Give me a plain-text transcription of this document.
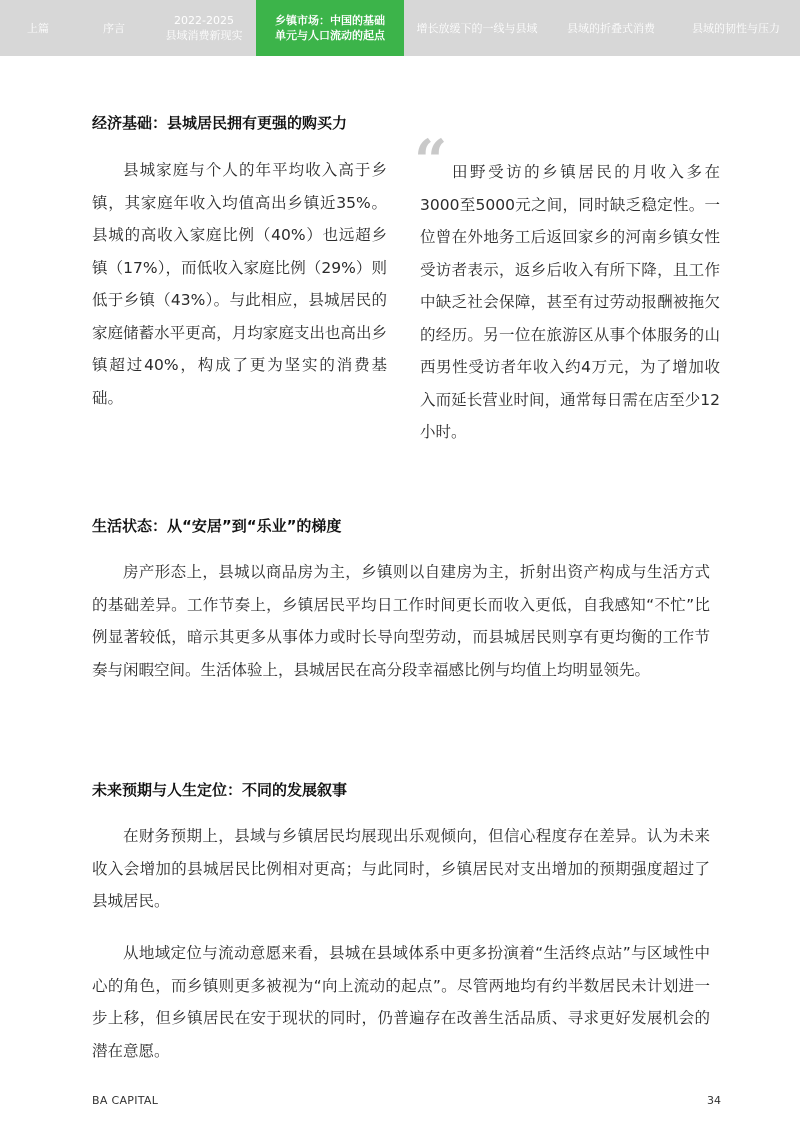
上篇	序言
2022-2025
县域消费新现实
乡镇市场：中国的基础
单元与人口流动的起点
增长放缓下的一线与县域	县域的折叠式消费	县域的韧性与压力
经济基础：县城居民拥有更强的购买力

县城家庭与个人的年平均收入高于乡镇，其家庭年收入均值高出乡镇近35%。县城的高收入家庭比例（40%）也远超乡镇（17%），而低收入家庭比例（29%）则低于乡镇（43%）。与此相应，县城居民的家庭储蓄水平更高，月均家庭支出也高出乡镇超过40%，构成了更为坚实的消费基础。

“ 田野受访的乡镇居民的月收入多在3000至5000元之间，同时缺乏稳定性。一位曾在外地务工后返回家乡的河南乡镇女性受访者表示，返乡后收入有所下降，且工作中缺乏社会保障，甚至有过劳动报酬被拖欠的经历。另一位在旅游区从事个体服务的山西男性受访者年收入约4万元，为了增加收入而延长营业时间，通常每日需在店至少12小时。

生活状态：从“安居”到“乐业”的梯度

房产形态上，县城以商品房为主，乡镇则以自建房为主，折射出资产构成与生活方式的基础差异。工作节奏上，乡镇居民平均日工作时间更长而收入更低，自我感知“不忙”比例显著较低，暗示其更多从事体力或时长导向型劳动，而县城居民则享有更均衡的工作节奏与闲暇空间。生活体验上，县城居民在高分段幸福感比例与均值上均明显领先。

未来预期与人生定位：不同的发展叙事

在财务预期上，县域与乡镇居民均展现出乐观倾向，但信心程度存在差异。认为未来收入会增加的县城居民比例相对更高；与此同时，乡镇居民对支出增加的预期强度超过了县城居民。

从地域定位与流动意愿来看，县城在县域体系中更多扮演着“生活终点站”与区域性中心的角色，而乡镇则更多被视为“向上流动的起点”。尽管两地均有约半数居民未计划进一步上移，但乡镇居民在安于现状的同时，仍普遍存在改善生活品质、寻求更好发展机会的潜在意愿。

BA CAPITAL	34
